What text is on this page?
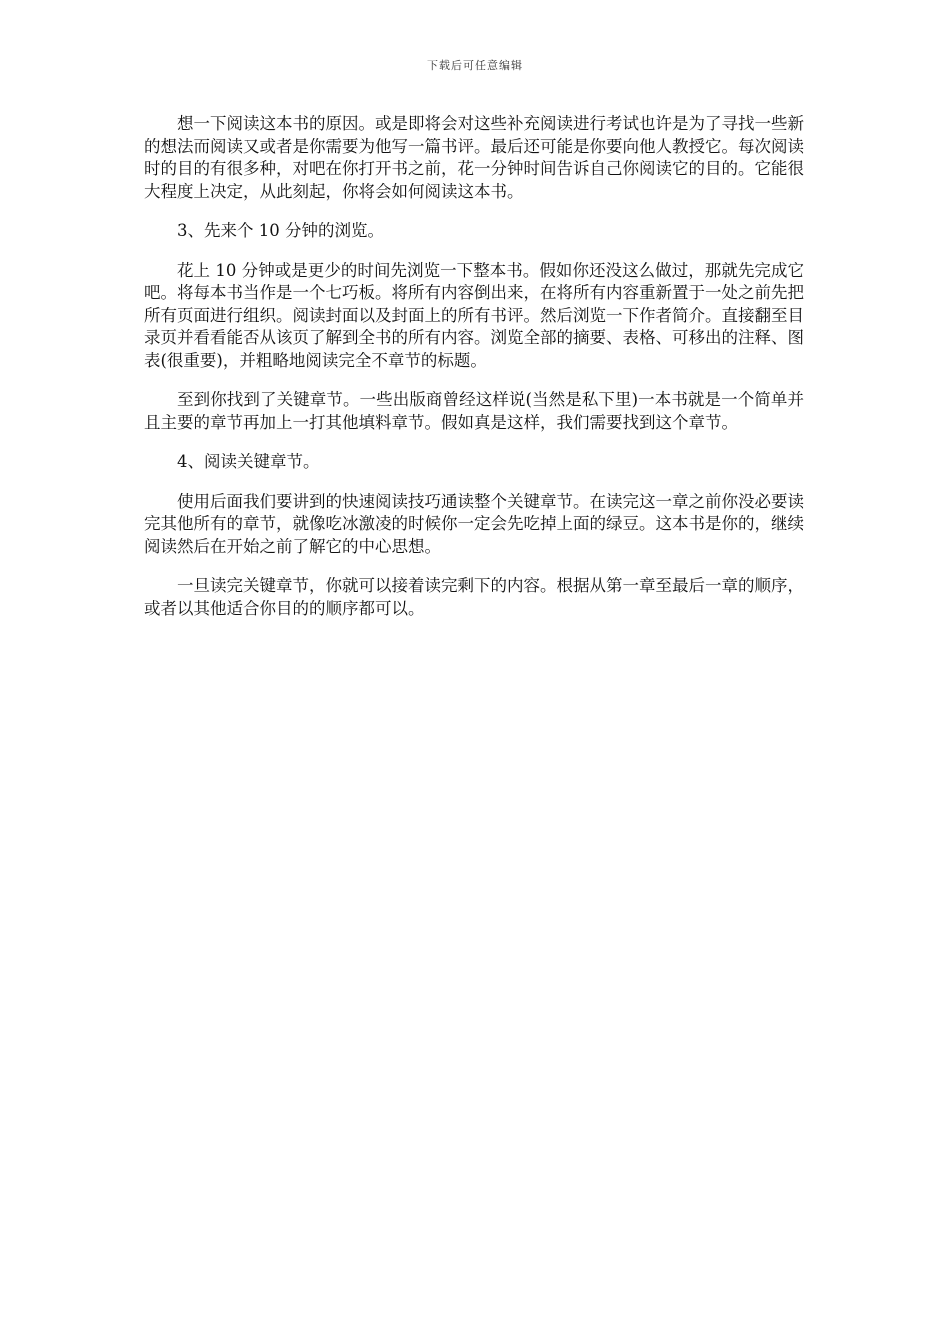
下载后可任意编辑

想一下阅读这本书的原因。或是即将会对这些补充阅读进行考试也许是为了寻找一些新的想法而阅读又或者是你需要为他写一篇书评。最后还可能是你要向他人教授它。每次阅读时的目的有很多种，对吧在你打开书之前，花一分钟时间告诉自己你阅读它的目的。它能很大程度上决定，从此刻起，你将会如何阅读这本书。

3、先来个 10 分钟的浏览。

花上 10 分钟或是更少的时间先浏览一下整本书。假如你还没这么做过，那就先完成它吧。将每本书当作是一个七巧板。将所有内容倒出来，在将所有内容重新置于一处之前先把所有页面进行组织。阅读封面以及封面上的所有书评。然后浏览一下作者简介。直接翻至目录页并看看能否从该页了解到全书的所有内容。浏览全部的摘要、表格、可移出的注释、图表(很重要)，并粗略地阅读完全不章节的标题。

至到你找到了关键章节。一些出版商曾经这样说(当然是私下里)一本书就是一个简单并且主要的章节再加上一打其他填料章节。假如真是这样，我们需要找到这个章节。

4、阅读关键章节。

使用后面我们要讲到的快速阅读技巧通读整个关键章节。在读完这一章之前你没必要读完其他所有的章节，就像吃冰激凌的时候你一定会先吃掉上面的绿豆。这本书是你的，继续阅读然后在开始之前了解它的中心思想。

一旦读完关键章节，你就可以接着读完剩下的内容。根据从第一章至最后一章的顺序，或者以其他适合你目的的顺序都可以。
